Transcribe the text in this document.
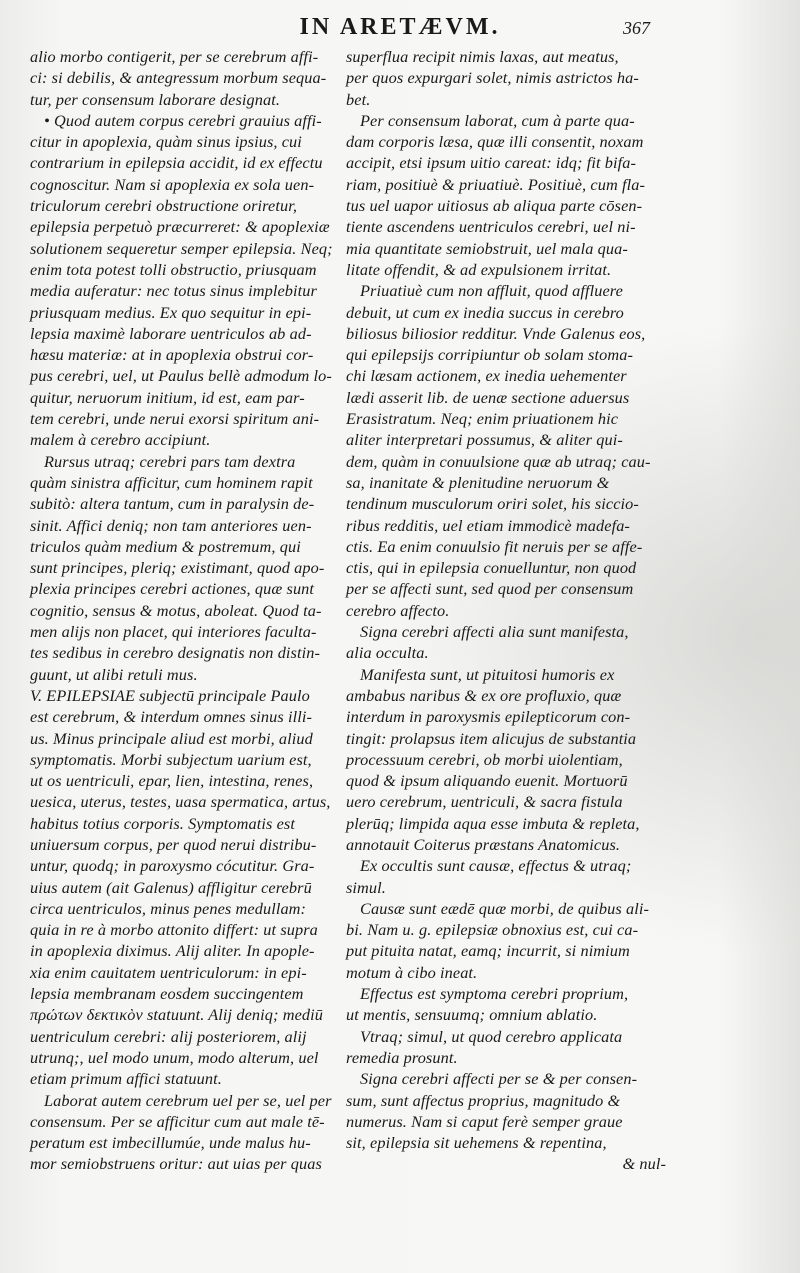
IN ARETÆVM.	367
alio morbo contigerit, per se cerebrum affi-
ci: si debilis, & antegressum morbum sequa-
tur, per consensum laborare designat.
• Quod autem corpus cerebri grauius affi-
citur in apoplexia, quàm sinus ipsius, cui
contrarium in epilepsia accidit, id ex effectu
cognoscitur. Nam si apoplexia ex sola uen-
triculorum cerebri obstructione oriretur,
epilepsia perpetuò præcurreret: & apoplexiæ
solutionem sequeretur semper epilepsia. Neq;
enim tota potest tolli obstructio, priusquam
media auferatur: nec totus sinus implebitur
priusquam medius. Ex quo sequitur in epi-
lepsia maximè laborare uentriculos ab ad-
hæsu materiæ: at in apoplexia obstrui cor-
pus cerebri, uel, ut Paulus bellè admodum lo-
quitur, neruorum initium, id est, eam par-
tem cerebri, unde nerui exorsi spiritum ani-
malem à cerebro accipiunt.
Rursus utraq; cerebri pars tam dextra
quàm sinistra afficitur, cum hominem rapit
subitò: altera tantum, cum in paralysin de-
sinit. Affici deniq; non tam anteriores uen-
triculos quàm medium & postremum, qui
sunt principes, pleriq; existimant, quod apo-
plexia principes cerebri actiones, quæ sunt
cognitio, sensus & motus, aboleat. Quod ta-
men alijs non placet, qui interiores faculta-
tes sedibus in cerebro designatis non distin-
guunt, ut alibi retuli mus.
V. EPILEPSIAE subjectū principale Paulo
est cerebrum, & interdum omnes sinus illi-
us. Minus principale aliud est morbi, aliud
symptomatis. Morbi subjectum uarium est,
ut os uentriculi, epar, lien, intestina, renes,
uesica, uterus, testes, uasa spermatica, artus,
habitus totius corporis. Symptomatis est
uniuersum corpus, per quod nerui distribu-
untur, quodq; in paroxysmo cócutitur. Gra-
uius autem (ait Galenus) affligitur cerebrū
circa uentriculos, minus penes medullam:
quia in re à morbo attonito differt: ut supra
in apoplexia diximus. Alij aliter. In apople-
xia enim cauitatem uentriculorum: in epi-
lepsia membranam eosdem succingentem
πρώτων δεκτικὸν statuunt. Alij deniq; mediū
uentriculum cerebri: alij posteriorem, alij
utrunq;, uel modo unum, modo alterum, uel
etiam primum affici statuunt.
Laborat autem cerebrum uel per se, uel per
consensum. Per se afficitur cum aut male tē-
peratum est imbecillumúe, unde malus hu-
mor semiobstruens oritur: aut uias per quas
superflua recipit nimis laxas, aut meatus,
per quos expurgari solet, nimis astrictos ha-
bet.
Per consensum laborat, cum à parte qua-
dam corporis læsa, quæ illi consentit, noxam
accipit, etsi ipsum uitio careat: idq; fit bifa-
riam, positiuè & priuatiuè. Positiuè, cum fla-
tus uel uapor uitiosus ab aliqua parte cōsen-
tiente ascendens uentriculos cerebri, uel ni-
mia quantitate semiobstruit, uel mala qua-
litate offendit, & ad expulsionem irritat.
Priuatiuè cum non affluit, quod affluere
debuit, ut cum ex inedia succus in cerebro
biliosus biliosior redditur. Vnde Galenus eos,
qui epilepsijs corripiuntur ob solam stoma-
chi læsam actionem, ex inedia uehementer
lædi asserit lib. de uenæ sectione aduersus
Erasistratum. Neq; enim priuationem hic
aliter interpretari possumus, & aliter qui-
dem, quàm in conuulsione quæ ab utraq; cau-
sa, inanitate & plenitudine neruorum &
tendinum musculorum oriri solet, his siccio-
ribus redditis, uel etiam immodicè madefa-
ctis. Ea enim conuulsio fit neruis per se affe-
ctis, qui in epilepsia conuelluntur, non quod
per se affecti sunt, sed quod per consensum
cerebro affecto.
Signa cerebri affecti alia sunt manifesta,
alia occulta.
Manifesta sunt, ut pituitosi humoris ex
ambabus naribus & ex ore profluxio, quæ
interdum in paroxysmis epilepticorum con-
tingit: prolapsus item alicujus de substantia
processuum cerebri, ob morbi uiolentiam,
quod & ipsum aliquando euenit. Mortuorū
uero cerebrum, uentriculi, & sacra fistula
plerūq; limpida aqua esse imbuta & repleta,
annotauit Coiterus præstans Anatomicus.
Ex occultis sunt causæ, effectus & utraq;
simul.
Causæ sunt eædē quæ morbi, de quibus ali-
bi. Nam u. g. epilepsiæ obnoxius est, cui ca-
put pituita natat, eamq; incurrit, si nimium
motum à cibo ineat.
Effectus est symptoma cerebri proprium,
ut mentis, sensuumq; omnium ablatio.
Vtraq; simul, ut quod cerebro applicata
remedia prosunt.
Signa cerebri affecti per se & per consen-
sum, sunt affectus proprius, magnitudo &
numerus. Nam si caput ferè semper graue
sit, epilepsia sit uehemens & repentina,
& nul-
